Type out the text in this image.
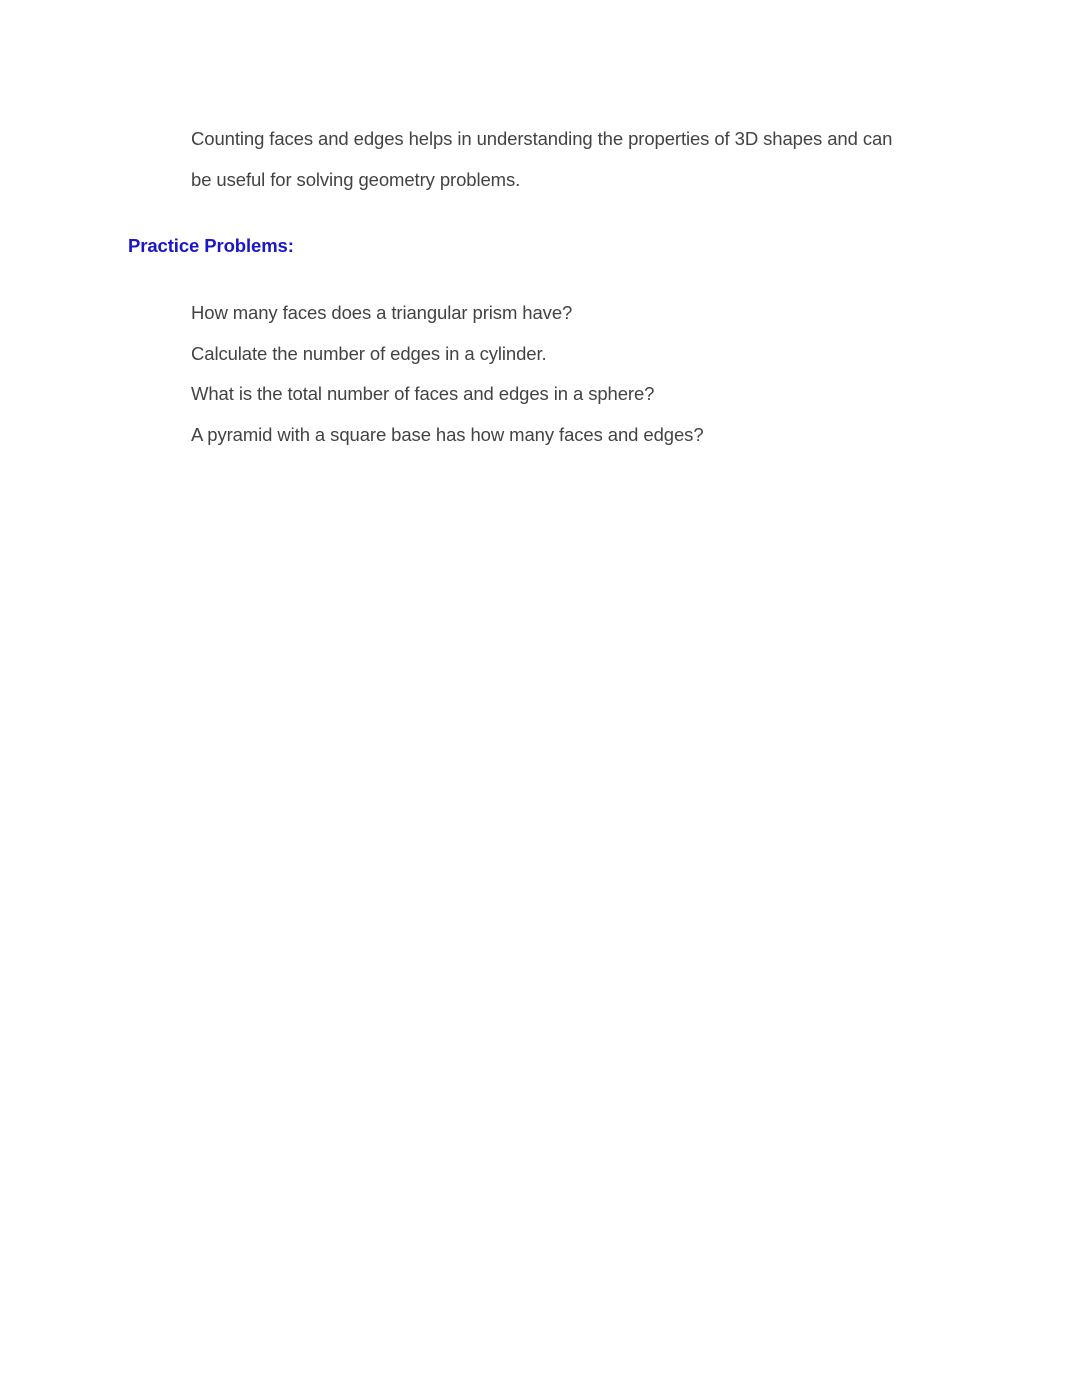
Counting faces and edges helps in understanding the properties of 3D shapes and can
be useful for solving geometry problems.
Practice Problems:
How many faces does a triangular prism have?
Calculate the number of edges in a cylinder.
What is the total number of faces and edges in a sphere?
A pyramid with a square base has how many faces and edges?
